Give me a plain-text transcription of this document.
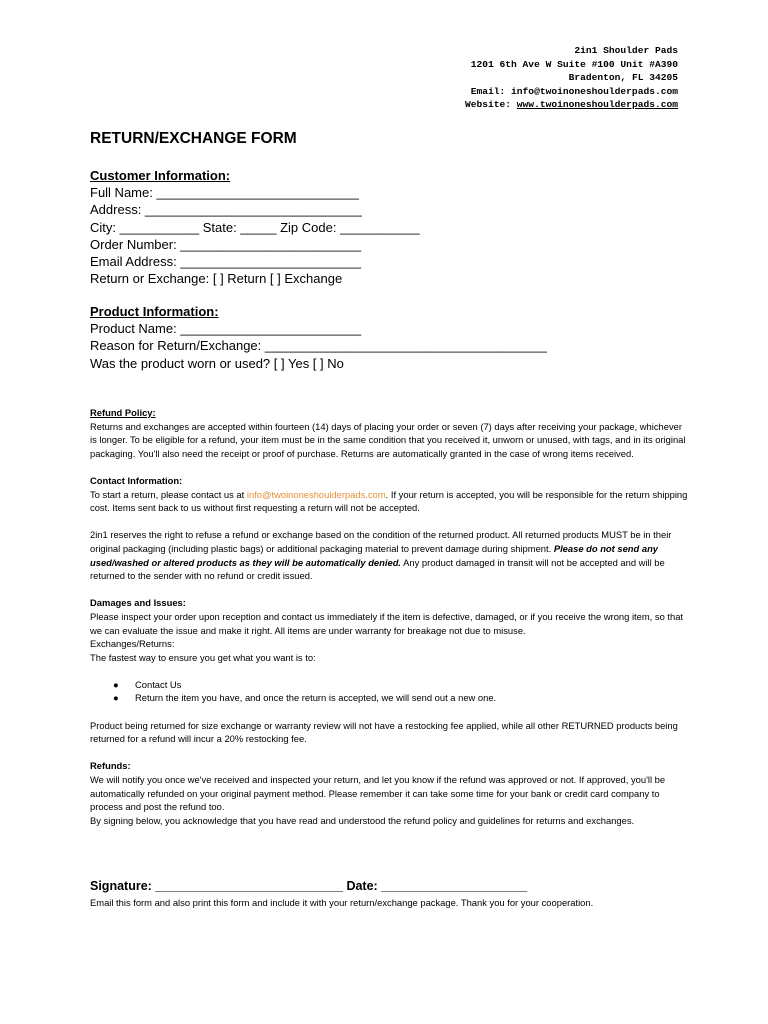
2in1 Shoulder Pads
1201 6th Ave W Suite #100 Unit #A390
Bradenton, FL 34205
Email: info@twoinoneshoulderpads.com
Website: www.twoinoneshoulderpads.com
RETURN/EXCHANGE FORM
Customer Information:
Full Name: ____________________________
Address: ______________________________
City: ___________ State: _____ Zip Code: ___________
Order Number: _________________________
Email Address: _________________________
Return or Exchange: [ ] Return [ ] Exchange
Product Information:
Product Name: _________________________
Reason for Return/Exchange: _______________________________________
Was the product worn or used? [ ] Yes [ ] No

Refund Policy:
Returns and exchanges are accepted within fourteen (14) days of placing your order or seven (7) days after receiving your package, whichever is longer. To be eligible for a refund, your item must be in the same condition that you received it, unworn or unused, with tags, and in its original packaging. You'll also need the receipt or proof of purchase. Returns are automatically granted in the case of wrong items received.

Contact Information:
To start a return, please contact us at info@twoinoneshoulderpads.com. If your return is accepted, you will be responsible for the return shipping cost. Items sent back to us without first requesting a return will not be accepted.

2in1 reserves the right to refuse a refund or exchange based on the condition of the returned product. All returned products MUST be in their original packaging (including plastic bags) or additional packaging material to prevent damage during shipment. Please do not send any used/washed or altered products as they will be automatically denied. Any product damaged in transit will not be accepted and will be returned to the sender with no refund or credit issued.

Damages and Issues:
Please inspect your order upon reception and contact us immediately if the item is defective, damaged, or if you receive the wrong item, so that we can evaluate the issue and make it right. All items are under warranty for breakage not due to misuse.
Exchanges/Returns:
The fastest way to ensure you get what you want is to:

● Contact Us
● Return the item you have, and once the return is accepted, we will send out a new one.

Product being returned for size exchange or warranty review will not have a restocking fee applied, while all other RETURNED products being returned for a refund will incur a 20% restocking fee.

Refunds:
We will notify you once we've received and inspected your return, and let you know if the refund was approved or not. If approved, you'll be automatically refunded on your original payment method. Please remember it can take some time for your bank or credit card company to process and post the refund too.
By signing below, you acknowledge that you have read and understood the refund policy and guidelines for returns and exchanges.

Signature: ___________________________ Date: _____________________
Email this form and also print this form and include it with your return/exchange package. Thank you for your cooperation.
